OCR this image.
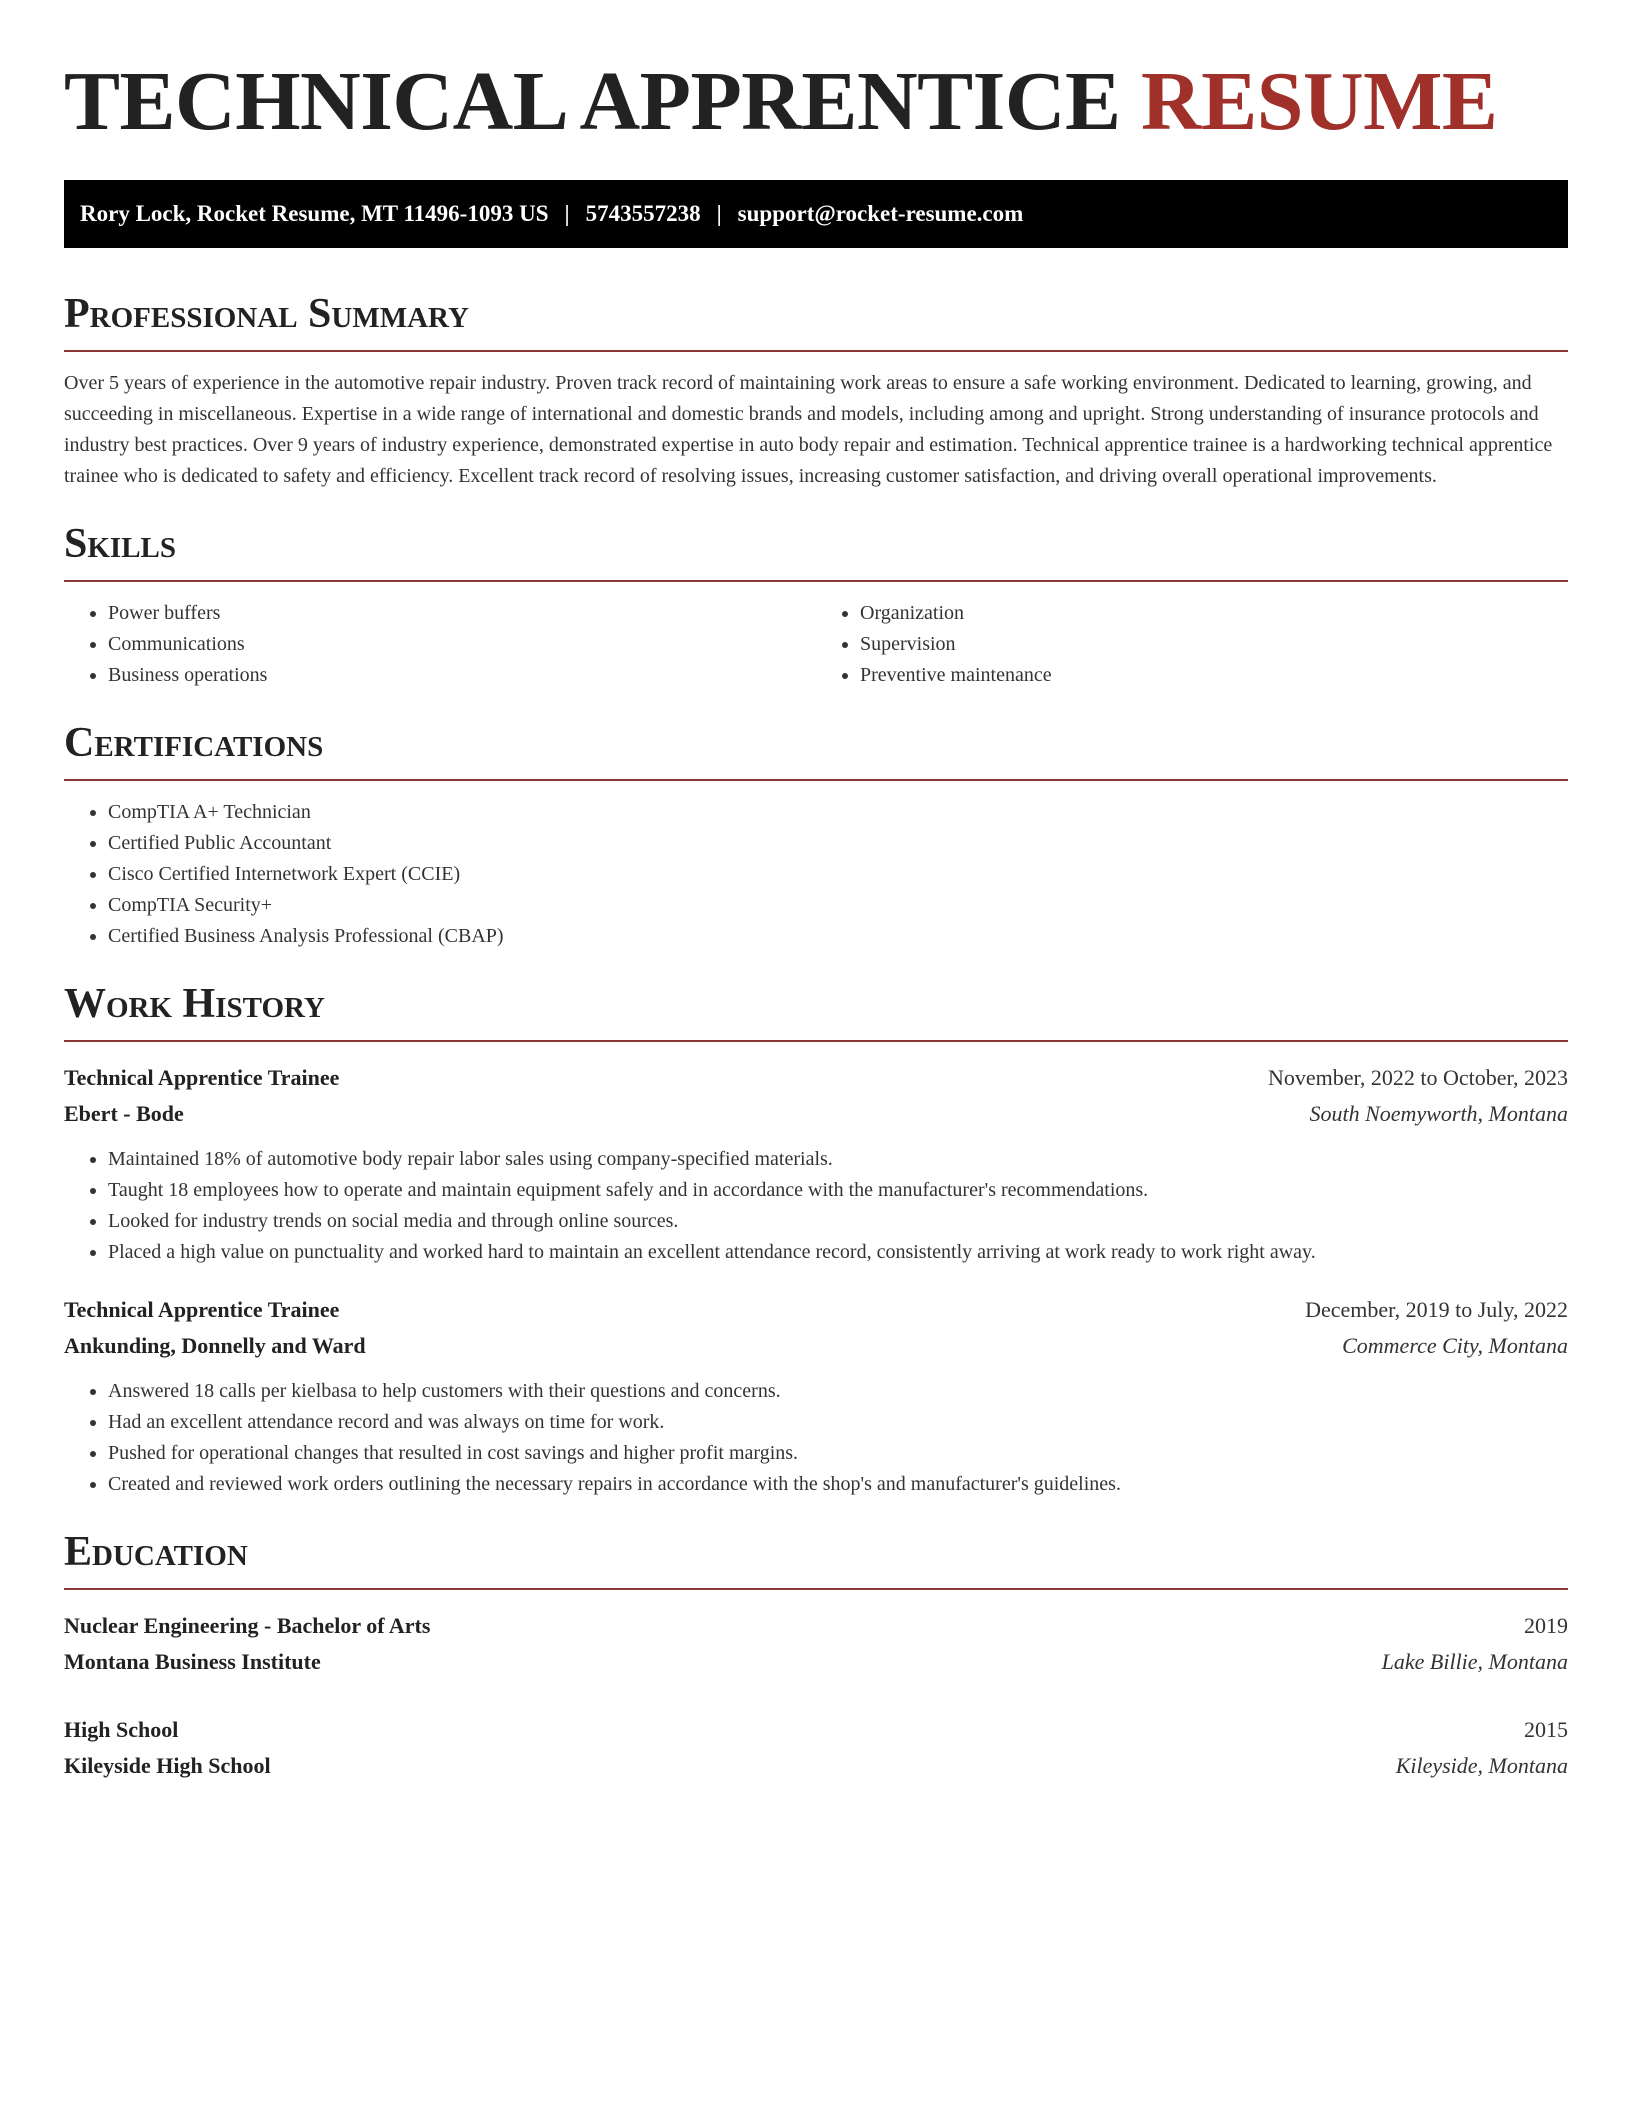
TECHNICAL APPRENTICE RESUME
Rory Lock, Rocket Resume, MT 11496-1093 US | 5743557238 | support@rocket-resume.com
Professional Summary

Over 5 years of experience in the automotive repair industry. Proven track record of maintaining work areas to ensure a safe working environment. Dedicated to learning, growing, and succeeding in miscellaneous. Expertise in a wide range of international and domestic brands and models, including among and upright. Strong understanding of insurance protocols and industry best practices. Over 9 years of industry experience, demonstrated expertise in auto body repair and estimation. Technical apprentice trainee is a hardworking technical apprentice trainee who is dedicated to safety and efficiency. Excellent track record of resolving issues, increasing customer satisfaction, and driving overall operational improvements.

Skills
• Power buffers
• Communications
• Business operations
• Organization
• Supervision
• Preventive maintenance
Certifications
• CompTIA A+ Technician
• Certified Public Accountant
• Cisco Certified Internetwork Expert (CCIE)
• CompTIA Security+
• Certified Business Analysis Professional (CBAP)
Work History
Technical Apprentice Trainee	November, 2022 to October, 2023
Ebert - Bode	South Noemyworth, Montana
• Maintained 18% of automotive body repair labor sales using company-specified materials.
• Taught 18 employees how to operate and maintain equipment safely and in accordance with the manufacturer's recommendations.
• Looked for industry trends on social media and through online sources.
• Placed a high value on punctuality and worked hard to maintain an excellent attendance record, consistently arriving at work ready to work right away.
Technical Apprentice Trainee	December, 2019 to July, 2022
Ankunding, Donnelly and Ward	Commerce City, Montana
• Answered 18 calls per kielbasa to help customers with their questions and concerns.
• Had an excellent attendance record and was always on time for work.
• Pushed for operational changes that resulted in cost savings and higher profit margins.
• Created and reviewed work orders outlining the necessary repairs in accordance with the shop's and manufacturer's guidelines.
Education
Nuclear Engineering - Bachelor of Arts	2019
Montana Business Institute	Lake Billie, Montana
High School	2015
Kileyside High School	Kileyside, Montana
